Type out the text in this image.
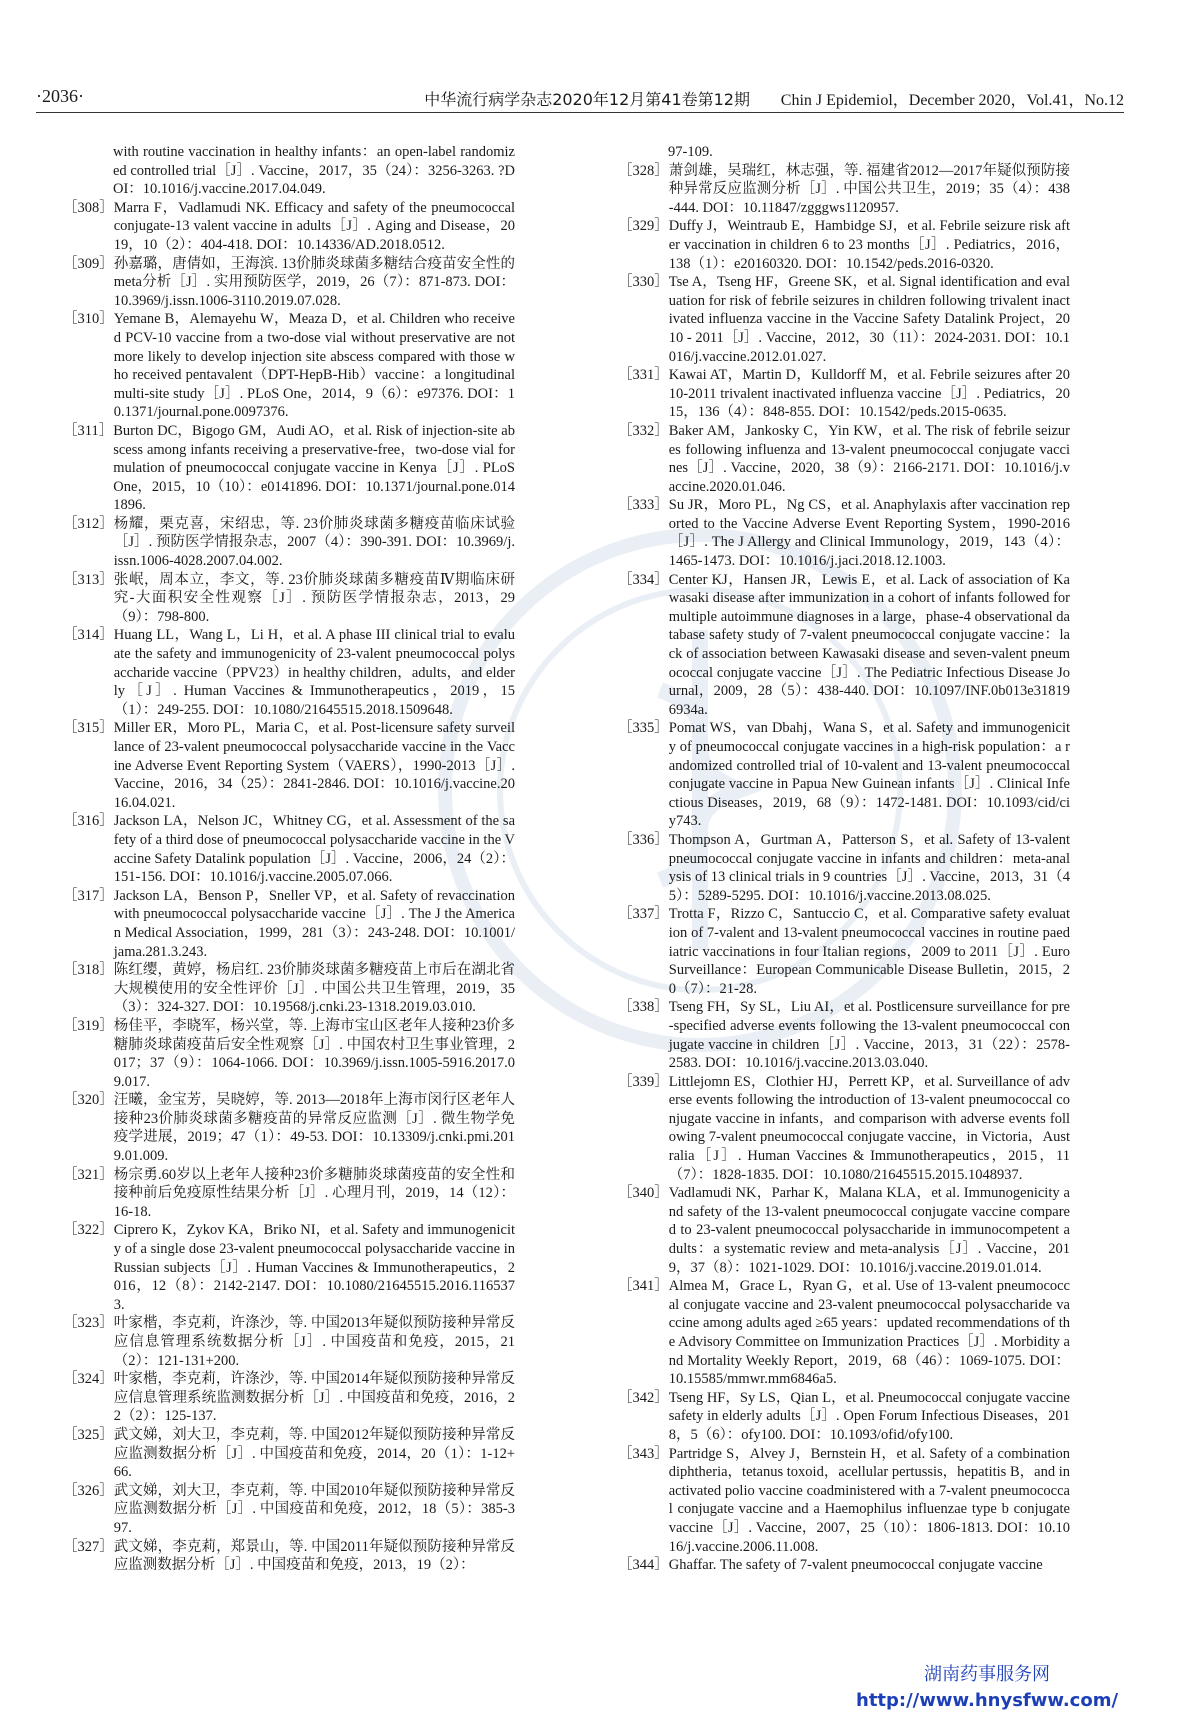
·2036·	中华流行病学杂志2020年12月第41卷第12期 Chin J Epidemiol，December 2020，Vol.41，No.12
with routine vaccination in healthy infants：an open-label randomized controlled trial［J］. Vaccine，2017，35（24）：3256-3263. ?DOI：10.1016/j.vaccine.2017.04.049.
［308］ Marra F，Vadlamudi NK. Efficacy and safety of the pneumococcal conjugate-13 valent vaccine in adults［J］. Aging and Disease，2019，10（2）：404-418. DOI：10.14336/AD.2018.0512.
［309］ 孙嘉璐，唐倩如，王海滨. 13价肺炎球菌多糖结合疫苗安全性的meta分析［J］. 实用预防医学，2019，26（7）：871-873. DOI：10.3969/j.issn.1006-3110.2019.07.028.
［310］ Yemane B，Alemayehu W，Meaza D，et al. Children who received PCV-10 vaccine from a two-dose vial without preservative are not more likely to develop injection site abscess compared with those who received pentavalent（DPT-HepB-Hib）vaccine：a longitudinal multi-site study［J］. PLoS One，2014，9（6）：e97376. DOI：10.1371/journal.pone.0097376.
［311］ Burton DC，Bigogo GM，Audi AO，et al. Risk of injection-site abscess among infants receiving a preservative-free，two-dose vial formulation of pneumococcal conjugate vaccine in Kenya［J］. PLoS One，2015，10（10）：e0141896. DOI：10.1371/journal.pone.0141896.
［312］ 杨耀，栗克喜，宋绍忠，等. 23价肺炎球菌多糖疫苗临床试验［J］. 预防医学情报杂志，2007（4）：390-391. DOI：10.3969/j.issn.1006-4028.2007.04.002.
［313］ 张岷，周本立，李文，等. 23价肺炎球菌多糖疫苗Ⅳ期临床研究-大面积安全性观察［J］. 预防医学情报杂志，2013，29（9）：798-800.
［314］ Huang LL，Wang L，Li H，et al. A phase III clinical trial to evaluate the safety and immunogenicity of 23-valent pneumococcal polysaccharide vaccine（PPV23）in healthy children，adults，and elderly［J］. Human Vaccines & Immunotherapeutics，2019，15（1）：249-255. DOI：10.1080/21645515.2018.1509648.
［315］ Miller ER，Moro PL，Maria C，et al. Post-licensure safety surveillance of 23-valent pneumococcal polysaccharide vaccine in the Vaccine Adverse Event Reporting System（VAERS），1990-2013［J］. Vaccine，2016，34（25）：2841-2846. DOI：10.1016/j.vaccine.2016.04.021.
［316］ Jackson LA，Nelson JC，Whitney CG，et al. Assessment of the safety of a third dose of pneumococcal polysaccharide vaccine in the Vaccine Safety Datalink population［J］. Vaccine，2006，24（2）：151-156. DOI：10.1016/j.vaccine.2005.07.066.
［317］ Jackson LA，Benson P，Sneller VP，et al. Safety of revaccination with pneumococcal polysaccharide vaccine［J］. The J the American Medical Association，1999，281（3）：243-248. DOI：10.1001/jama.281.3.243.
［318］ 陈红缨，黄婷，杨启红. 23价肺炎球菌多糖疫苗上市后在湖北省大规模使用的安全性评价［J］. 中国公共卫生管理，2019，35（3）：324-327. DOI：10.19568/j.cnki.23-1318.2019.03.010.
［319］ 杨佳平，李晓军，杨兴堂，等. 上海市宝山区老年人接种23价多糖肺炎球菌疫苗后安全性观察［J］. 中国农村卫生事业管理，2017；37（9）：1064-1066. DOI：10.3969/j.issn.1005-5916.2017.09.017.
［320］ 汪曦，金宝芳，吴晓婷，等. 2013—2018年上海市闵行区老年人接种23价肺炎球菌多糖疫苗的异常反应监测［J］. 微生物学免疫学进展，2019；47（1）：49-53. DOI：10.13309/j.cnki.pmi.2019.01.009.
［321］ 杨宗勇.60岁以上老年人接种23价多糖肺炎球菌疫苗的安全性和接种前后免疫原性结果分析［J］. 心理月刊，2019，14（12）：16-18.
［322］ Ciprero K，Zykov KA，Briko NI，et al. Safety and immunogenicity of a single dose 23-valent pneumococcal polysaccharide vaccine in Russian subjects［J］. Human Vaccines & Immunotherapeutics，2016，12（8）：2142-2147. DOI：10.1080/21645515.2016.1165373.
［323］ 叶家楷，李克莉，许涤沙，等. 中国2013年疑似预防接种异常反应信息管理系统数据分析［J］. 中国疫苗和免疫，2015，21（2）：121-131+200.
［324］ 叶家楷，李克莉，许涤沙，等. 中国2014年疑似预防接种异常反应信息管理系统监测数据分析［J］. 中国疫苗和免疫，2016，22（2）：125-137.
［325］ 武文娣，刘大卫，李克莉，等. 中国2012年疑似预防接种异常反应监测数据分析［J］. 中国疫苗和免疫，2014，20（1）：1-12+66.
［326］ 武文娣，刘大卫，李克莉，等. 中国2010年疑似预防接种异常反应监测数据分析［J］. 中国疫苗和免疫，2012，18（5）：385-397.
［327］ 武文娣，李克莉，郑景山，等. 中国2011年疑似预防接种异常反应监测数据分析［J］. 中国疫苗和免疫，2013，19（2）：
97-109.
［328］ 萧剑雄，吴瑞红，林志强，等. 福建省2012—2017年疑似预防接种异常反应监测分析［J］. 中国公共卫生，2019；35（4）：438-444. DOI：10.11847/zgggws1120957.
［329］ Duffy J，Weintraub E，Hambidge SJ，et al. Febrile seizure risk after vaccination in children 6 to 23 months［J］. Pediatrics，2016，138（1）：e20160320. DOI：10.1542/peds.2016-0320.
［330］ Tse A，Tseng HF，Greene SK，et al. Signal identification and evaluation for risk of febrile seizures in children following trivalent inactivated influenza vaccine in the Vaccine Safety Datalink Project，2010 - 2011［J］. Vaccine，2012，30（11）：2024-2031. DOI：10.1016/j.vaccine.2012.01.027.
［331］ Kawai AT，Martin D，Kulldorff M，et al. Febrile seizures after 2010-2011 trivalent inactivated influenza vaccine［J］. Pediatrics，2015，136（4）：848-855. DOI：10.1542/peds.2015-0635.
［332］ Baker AM，Jankosky C，Yin KW，et al. The risk of febrile seizures following influenza and 13-valent pneumococcal conjugate vaccines［J］. Vaccine，2020，38（9）：2166-2171. DOI：10.1016/j.vaccine.2020.01.046.
［333］ Su JR，Moro PL，Ng CS，et al. Anaphylaxis after vaccination reported to the Vaccine Adverse Event Reporting System，1990-2016［J］. The J Allergy and Clinical Immunology，2019，143（4）：1465-1473. DOI：10.1016/j.jaci.2018.12.1003.
［334］ Center KJ，Hansen JR，Lewis E，et al. Lack of association of Kawasaki disease after immunization in a cohort of infants followed for multiple autoimmune diagnoses in a large，phase-4 observational database safety study of 7-valent pneumococcal conjugate vaccine：lack of association between Kawasaki disease and seven-valent pneumococcal conjugate vaccine［J］. The Pediatric Infectious Disease Journal，2009，28（5）：438-440. DOI：10.1097/INF.0b013e318196934a.
［335］ Pomat WS，van Dbahj，Wana S，et al. Safety and immunogenicity of pneumococcal conjugate vaccines in a high-risk population：a randomized controlled trial of 10-valent and 13-valent pneumococcal conjugate vaccine in Papua New Guinean infants［J］. Clinical Infectious Diseases，2019，68（9）：1472-1481. DOI：10.1093/cid/ciy743.
［336］ Thompson A，Gurtman A，Patterson S，et al. Safety of 13-valent pneumococcal conjugate vaccine in infants and children：meta-analysis of 13 clinical trials in 9 countries［J］. Vaccine，2013，31（45）：5289-5295. DOI：10.1016/j.vaccine.2013.08.025.
［337］ Trotta F，Rizzo C，Santuccio C，et al. Comparative safety evaluation of 7-valent and 13-valent pneumococcal vaccines in routine paediatric vaccinations in four Italian regions，2009 to 2011［J］. Euro Surveillance：European Communicable Disease Bulletin，2015，20（7）：21-28.
［338］ Tseng FH，Sy SL，Liu AI，et al. Postlicensure surveillance for pre-specified adverse events following the 13-valent pneumococcal conjugate vaccine in children［J］. Vaccine，2013，31（22）：2578-2583. DOI：10.1016/j.vaccine.2013.03.040.
［339］ Littlejomn ES，Clothier HJ，Perrett KP，et al. Surveillance of adverse events following the introduction of 13-valent pneumococcal conjugate vaccine in infants，and comparison with adverse events following 7-valent pneumococcal conjugate vaccine，in Victoria，Australia［J］. Human Vaccines & Immunotherapeutics，2015，11（7）：1828-1835. DOI：10.1080/21645515.2015.1048937.
［340］ Vadlamudi NK，Parhar K，Malana KLA，et al. Immunogenicity and safety of the 13-valent pneumococcal conjugate vaccine compared to 23-valent pneumococcal polysaccharide in immunocompetent adults：a systematic review and meta-analysis［J］. Vaccine，2019，37（8）：1021-1029. DOI：10.1016/j.vaccine.2019.01.014.
［341］ Almea M，Grace L，Ryan G，et al. Use of 13-valent pneumococcal conjugate vaccine and 23-valent pneumococcal polysaccharide vaccine among adults aged ≥65 years：updated recommendations of the Advisory Committee on Immunization Practices［J］. Morbidity and Mortality Weekly Report，2019，68（46）：1069-1075. DOI：10.15585/mmwr.mm6846a5.
［342］ Tseng HF，Sy LS，Qian L，et al. Pneumococcal conjugate vaccine safety in elderly adults［J］. Open Forum Infectious Diseases，2018，5（6）：ofy100. DOI：10.1093/ofid/ofy100.
［343］ Partridge S，Alvey J，Bernstein H，et al. Safety of a combination diphtheria，tetanus toxoid，acellular pertussis，hepatitis B，and inactivated polio vaccine coadministered with a 7-valent pneumococcal conjugate vaccine and a Haemophilus influenzae type b conjugate vaccine［J］. Vaccine，2007，25（10）：1806-1813. DOI：10.1016/j.vaccine.2006.11.008.
［344］ Ghaffar. The safety of 7-valent pneumococcal conjugate vaccine
湖南药事服务网
http://www.hnysfww.com/
